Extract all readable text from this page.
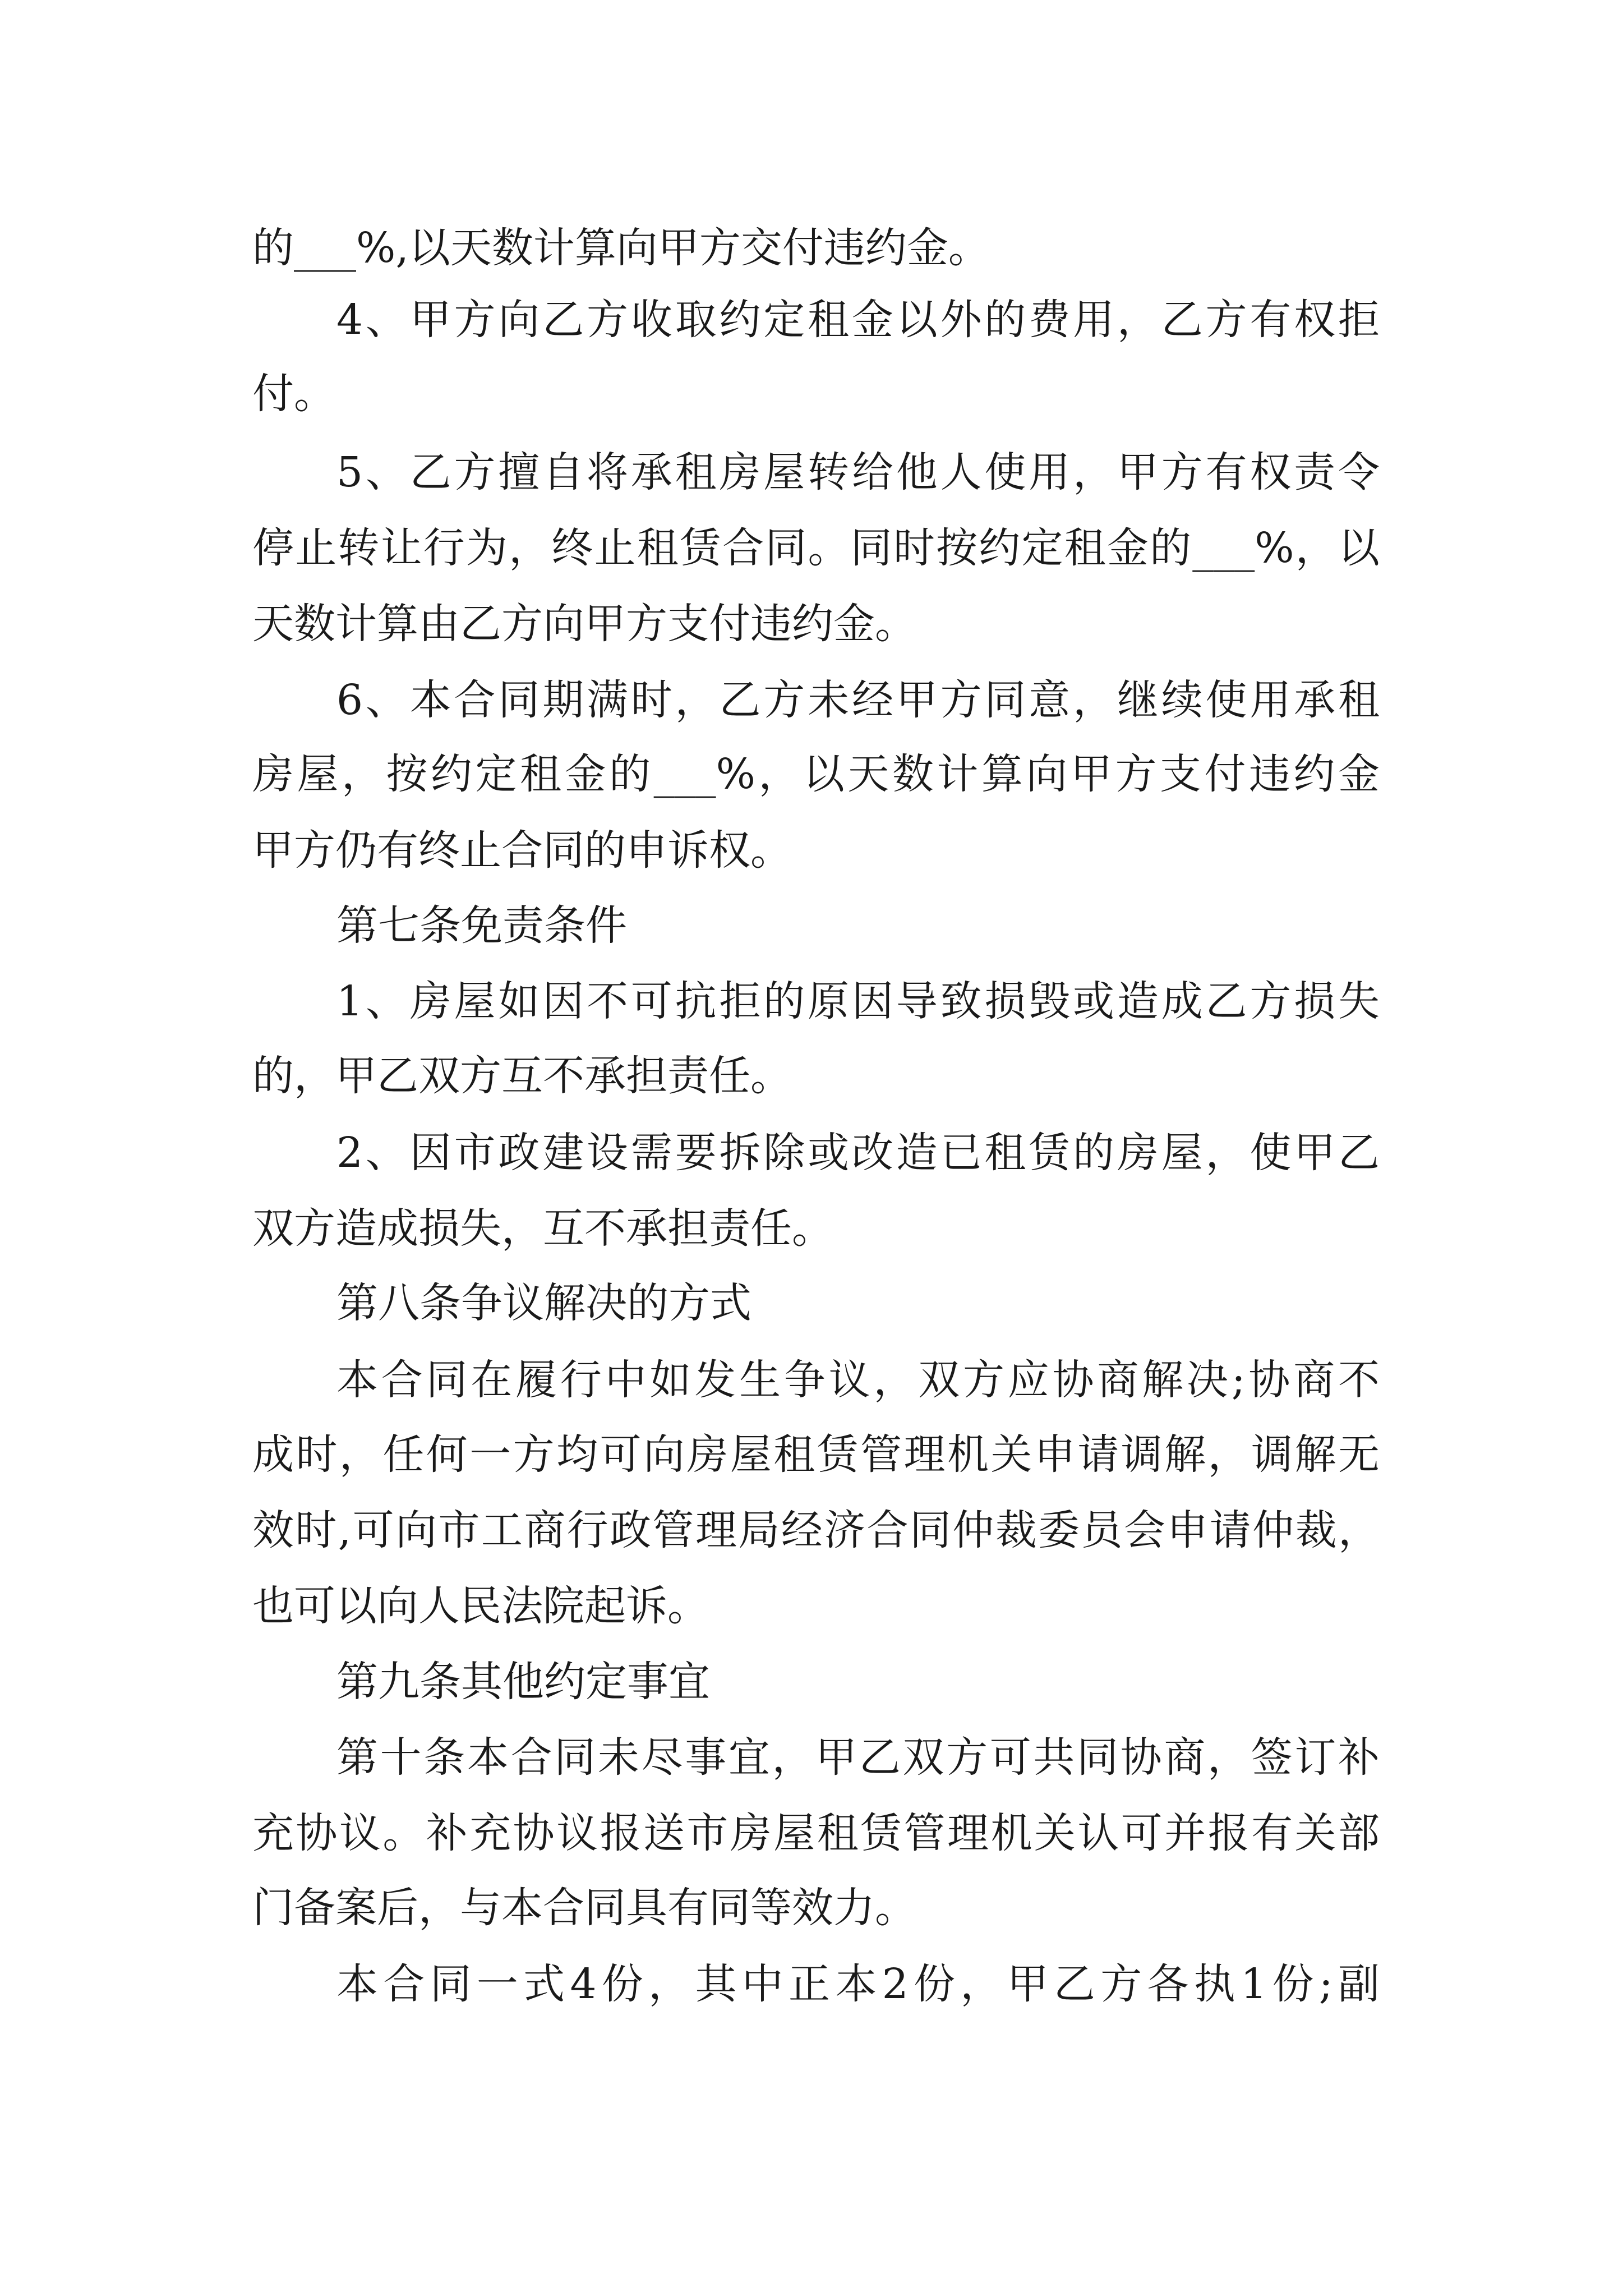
的___%,以天数计算向甲方交付违约金。

4、甲方向乙方收取约定租金以外的费用，乙方有权拒

付。

5、乙方擅自将承租房屋转给他人使用，甲方有权责令

停止转让行为，终止租赁合同。同时按约定租金的___%，以

天数计算由乙方向甲方支付违约金。

6、本合同期满时，乙方未经甲方同意，继续使用承租

房屋，按约定租金的___%，以天数计算向甲方支付违约金

甲方仍有终止合同的申诉权。

第七条免责条件

1、房屋如因不可抗拒的原因导致损毁或造成乙方损失

的，甲乙双方互不承担责任。

2、因市政建设需要拆除或改造已租赁的房屋，使甲乙

双方造成损失，互不承担责任。

第八条争议解决的方式

本合同在履行中如发生争议，双方应协商解决;协商不

成时，任何一方均可向房屋租赁管理机关申请调解，调解无

效时,可向市工商行政管理局经济合同仲裁委员会申请仲裁，

也可以向人民法院起诉。

第九条其他约定事宜

第十条本合同未尽事宜，甲乙双方可共同协商，签订补

充协议。补充协议报送市房屋租赁管理机关认可并报有关部

门备案后，与本合同具有同等效力。

本合同一式4份，其中正本2份，甲乙方各执1份;副
